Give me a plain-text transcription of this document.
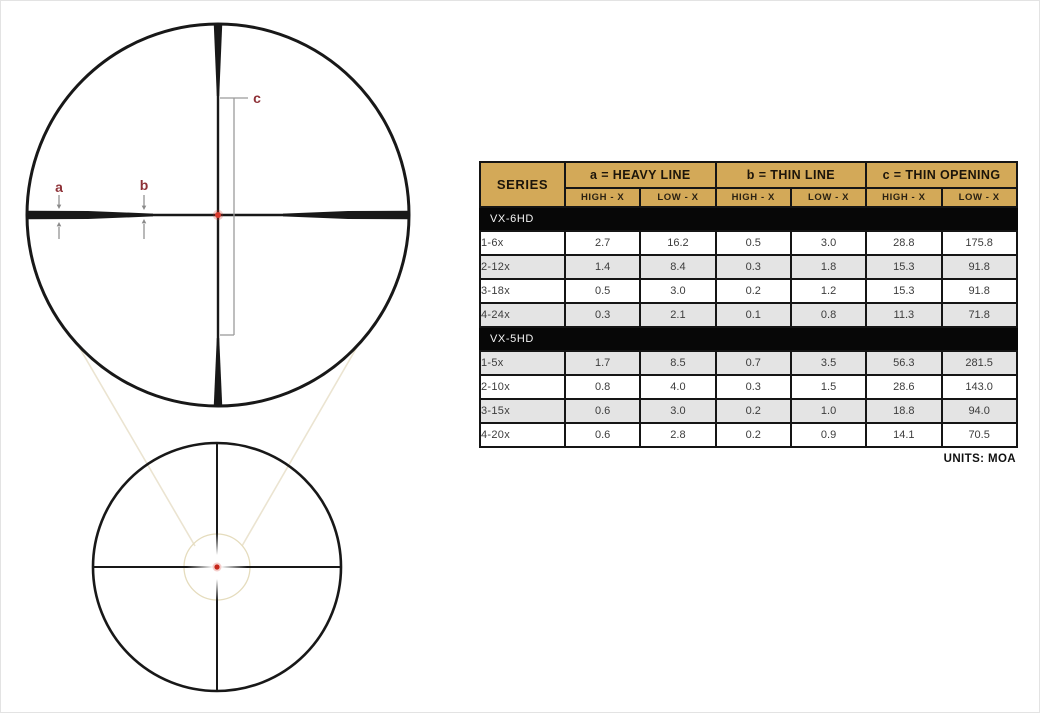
a	b
c
SERIES	a = HEAVY LINE		b = THIN LINE		c = THIN OPENING	
	HIGH - X	LOW - X	HIGH - X	LOW - X	HIGH - X	LOW - X
VX-6HD						
1-6x	2.7	16.2	0.5	3.0	28.8	175.8
2-12x	1.4	8.4	0.3	1.8	15.3	91.8
3-18x	0.5	3.0	0.2	1.2	15.3	91.8
4-24x	0.3	2.1	0.1	0.8	11.3	71.8
VX-5HD						
1-5x	1.7	8.5	0.7	3.5	56.3	281.5
2-10x	0.8	4.0	0.3	1.5	28.6	143.0
3-15x	0.6	3.0	0.2	1.0	18.8	94.0
4-20x	0.6	2.8	0.2	0.9	14.1	70.5
UNITS: MOA
